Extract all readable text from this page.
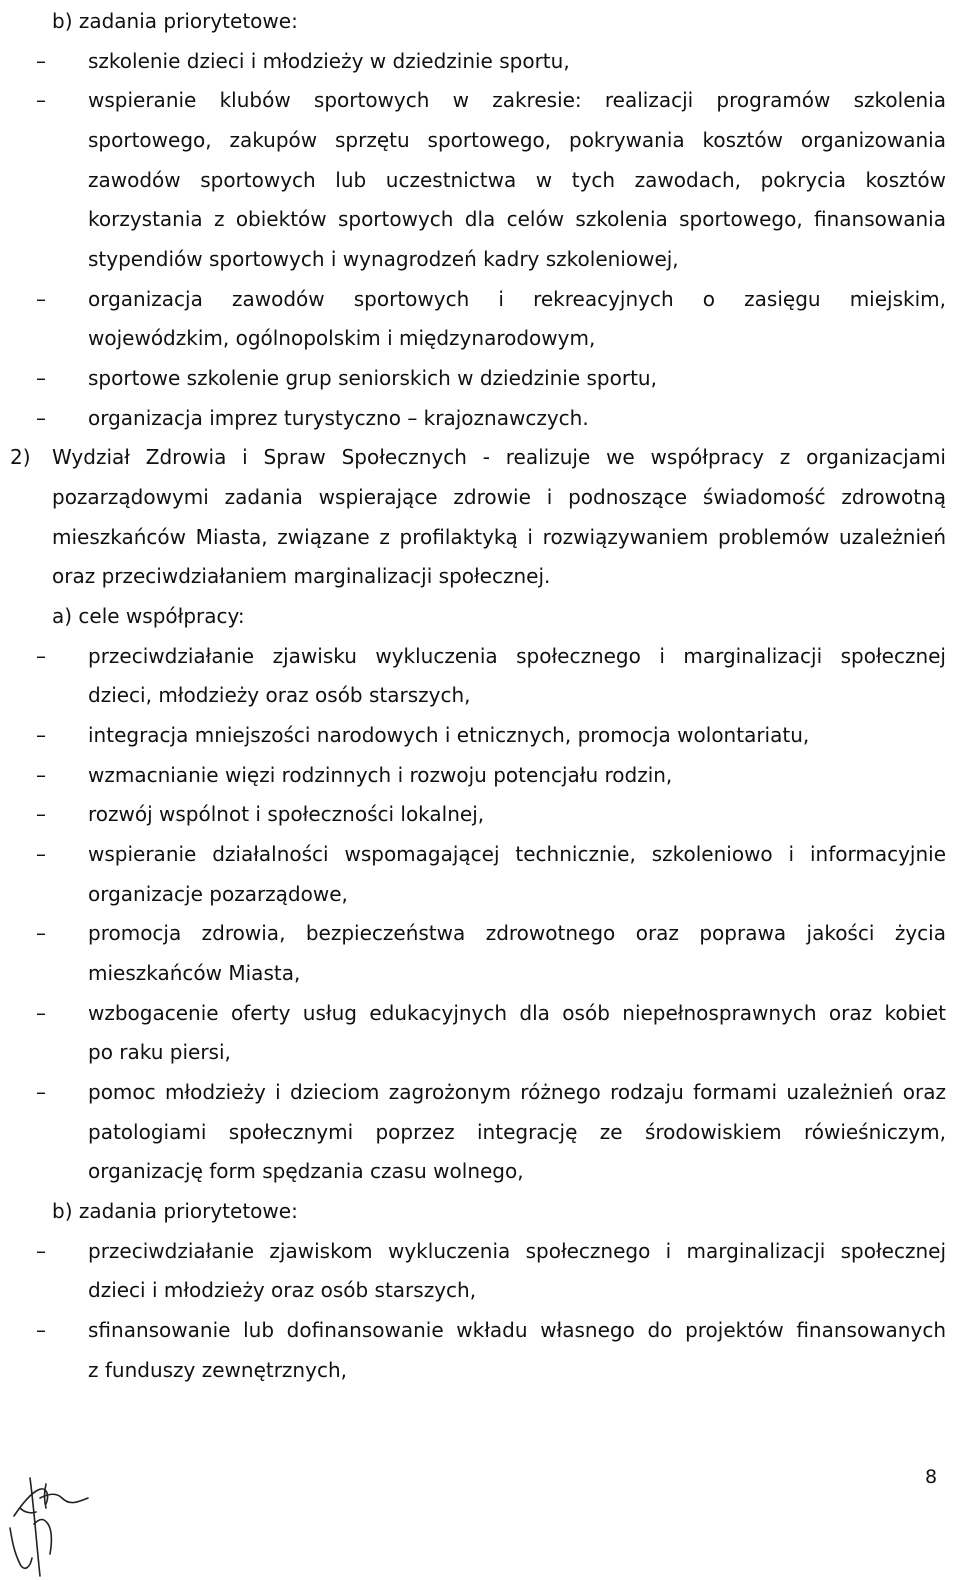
b) zadania priorytetowe:
– szkolenie dzieci i młodzieży w dziedzinie sportu,
– wspieranie klubów sportowych w zakresie: realizacji programów szkolenia
sportowego, zakupów sprzętu sportowego, pokrywania kosztów organizowania
zawodów sportowych lub uczestnictwa w tych zawodach, pokrycia kosztów
korzystania z obiektów sportowych dla celów szkolenia sportowego, finansowania
stypendiów sportowych i wynagrodzeń kadry szkoleniowej,
– organizacja zawodów sportowych i rekreacyjnych o zasięgu miejskim,
wojewódzkim, ogólnopolskim i międzynarodowym,
– sportowe szkolenie grup seniorskich w dziedzinie sportu,
– organizacja imprez turystyczno – krajoznawczych.
2) Wydział Zdrowia i Spraw Społecznych - realizuje we współpracy z organizacjami
pozarządowymi zadania wspierające zdrowie i podnoszące świadomość zdrowotną
mieszkańców Miasta, związane z profilaktyką i rozwiązywaniem problemów uzależnień
oraz przeciwdziałaniem marginalizacji społecznej.
a) cele współpracy:
– przeciwdziałanie zjawisku wykluczenia społecznego i marginalizacji społecznej
dzieci, młodzieży oraz osób starszych,
– integracja mniejszości narodowych i etnicznych, promocja wolontariatu,
– wzmacnianie więzi rodzinnych i rozwoju potencjału rodzin,
– rozwój wspólnot i społeczności lokalnej,
– wspieranie działalności wspomagającej technicznie, szkoleniowo i informacyjnie
organizacje pozarządowe,
– promocja zdrowia, bezpieczeństwa zdrowotnego oraz poprawa jakości życia
mieszkańców Miasta,
– wzbogacenie oferty usług edukacyjnych dla osób niepełnosprawnych oraz kobiet
po raku piersi,
– pomoc młodzieży i dzieciom zagrożonym różnego rodzaju formami uzależnień oraz
patologiami społecznymi poprzez integrację ze środowiskiem rówieśniczym,
organizację form spędzania czasu wolnego,
b) zadania priorytetowe:
– przeciwdziałanie zjawiskom wykluczenia społecznego i marginalizacji społecznej
dzieci i młodzieży oraz osób starszych,
– sfinansowanie lub dofinansowanie wkładu własnego do projektów finansowanych
z funduszy zewnętrznych,
8
